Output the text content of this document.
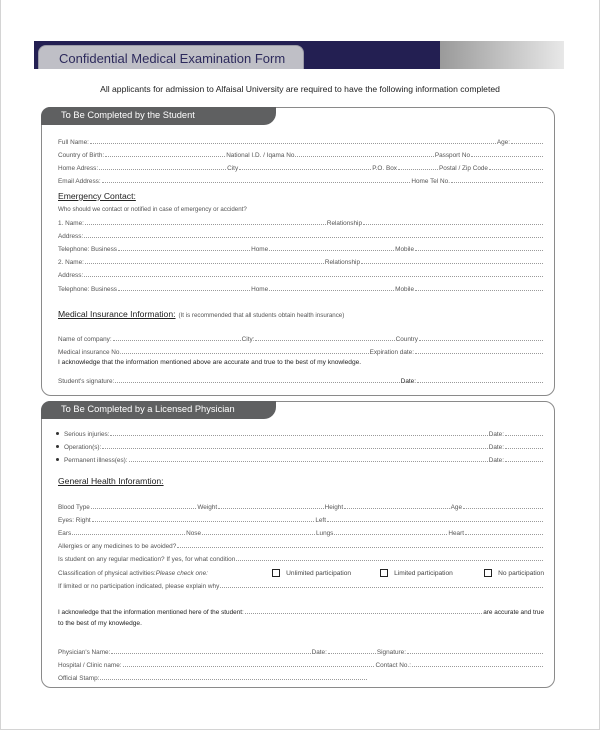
Confidential Medical Examination Form
All applicants for admission to Alfaisal University are required to have the following information completed
To Be Completed by the Student
Full Name:	Age:
Country of Birth:	National I.D. / Iqama No	Passport No
Home Adress:	City	P.O. Box	Postal / Zip Code
Email Address:	Home Tel No.
Emergency Contact:
Who should we contact or notified in case of emergency or accident?
1. Name:	Relationship
Address:
Telephone: Business	Home	Mobile
2. Name:	Relationship
Address:
Telephone: Business	Home	Mobile
Medical Insurance Information: (It is recommended that all students obtain health insurance)
Name of company:	City:	Country
Medical insurance No.	Expiration date:
I acknowledge that the information mentioned above are accurate and true to the best of my knowledge.
Student's signature:	Date:
To Be Completed by a Licensed Physician
Serious injuries:	Date:
Operation(s):	Date:
Permanent illness(es):	Date:
General Health Inforamtion:
Blood Type	Weight	Height	Age
Eyes: Right	Left
Ears	Nose	Lungs	Heart
Allergies or any medicines to be avoided?
Is student on any regular medication? If yes, for what condition
Classification of physical activities: Please check one:	Unlimited participation	Limited participation	No participation
If limited or no participation indicated, please explain why
I acknowledge that the information mentioned here of the student:	are accurate and true
to the best of my knowledge.
Physician's Name:	Date:	Signature:
Hospital / Clinic name:	Contact No.:
Official Stamp:
